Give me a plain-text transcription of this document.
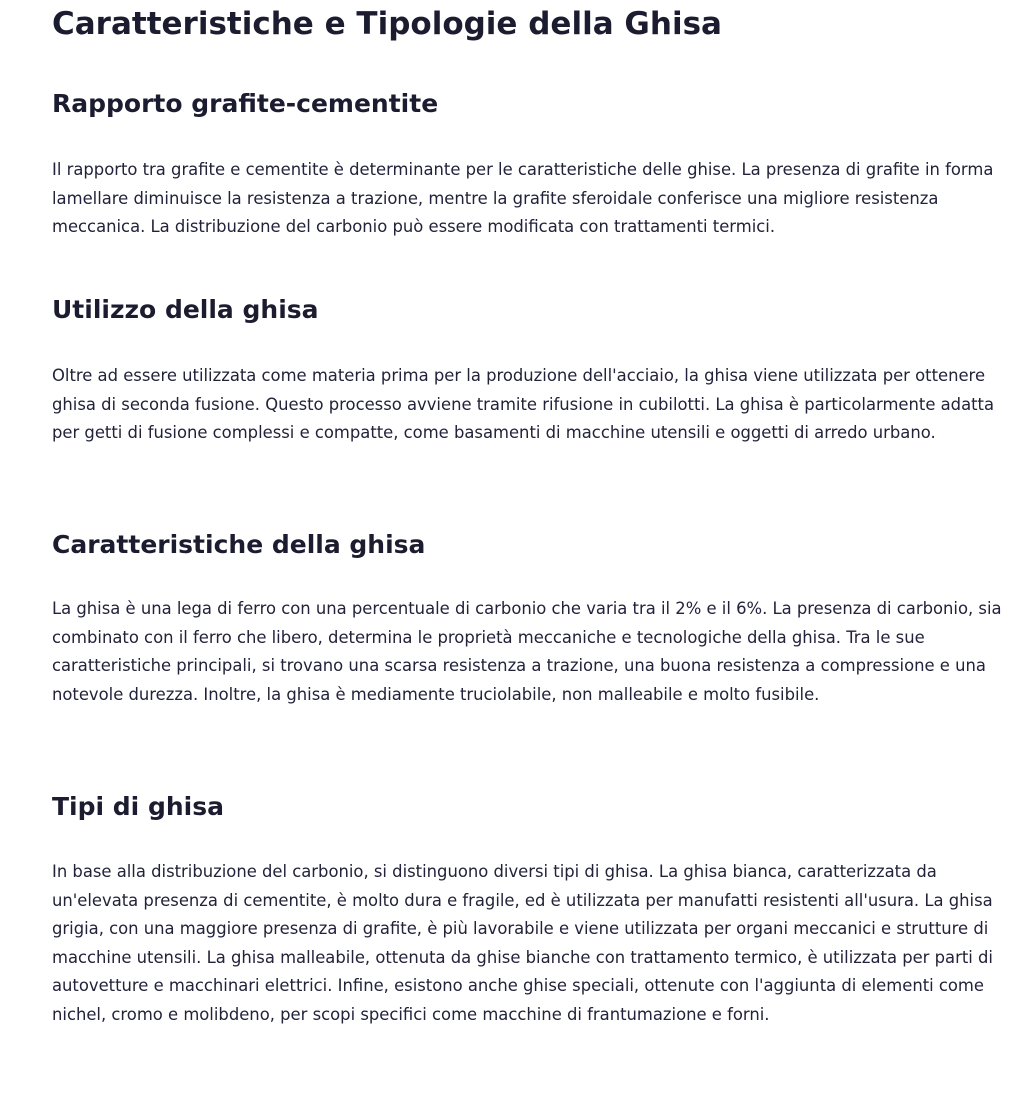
Caratteristiche e Tipologie della Ghisa
Rapporto grafite-cementite

Il rapporto tra grafite e cementite è determinante per le caratteristiche delle ghise. La presenza di grafite in forma lamellare diminuisce la resistenza a trazione, mentre la grafite sferoidale conferisce una migliore resistenza meccanica. La distribuzione del carbonio può essere modificata con trattamenti termici.

Utilizzo della ghisa

Oltre ad essere utilizzata come materia prima per la produzione dell'acciaio, la ghisa viene utilizzata per ottenere ghisa di seconda fusione. Questo processo avviene tramite rifusione in cubilotti. La ghisa è particolarmente adatta per getti di fusione complessi e compatte, come basamenti di macchine utensili e oggetti di arredo urbano.

Caratteristiche della ghisa

La ghisa è una lega di ferro con una percentuale di carbonio che varia tra il 2% e il 6%. La presenza di carbonio, sia combinato con il ferro che libero, determina le proprietà meccaniche e tecnologiche della ghisa. Tra le sue caratteristiche principali, si trovano una scarsa resistenza a trazione, una buona resistenza a compressione e una notevole durezza. Inoltre, la ghisa è mediamente truciolabile, non malleabile e molto fusibile.

Tipi di ghisa

In base alla distribuzione del carbonio, si distinguono diversi tipi di ghisa. La ghisa bianca, caratterizzata da un'elevata presenza di cementite, è molto dura e fragile, ed è utilizzata per manufatti resistenti all'usura. La ghisa grigia, con una maggiore presenza di grafite, è più lavorabile e viene utilizzata per organi meccanici e strutture di macchine utensili. La ghisa malleabile, ottenuta da ghise bianche con trattamento termico, è utilizzata per parti di autovetture e macchinari elettrici. Infine, esistono anche ghise speciali, ottenute con l'aggiunta di elementi come nichel, cromo e molibdeno, per scopi specifici come macchine di frantumazione e forni.
